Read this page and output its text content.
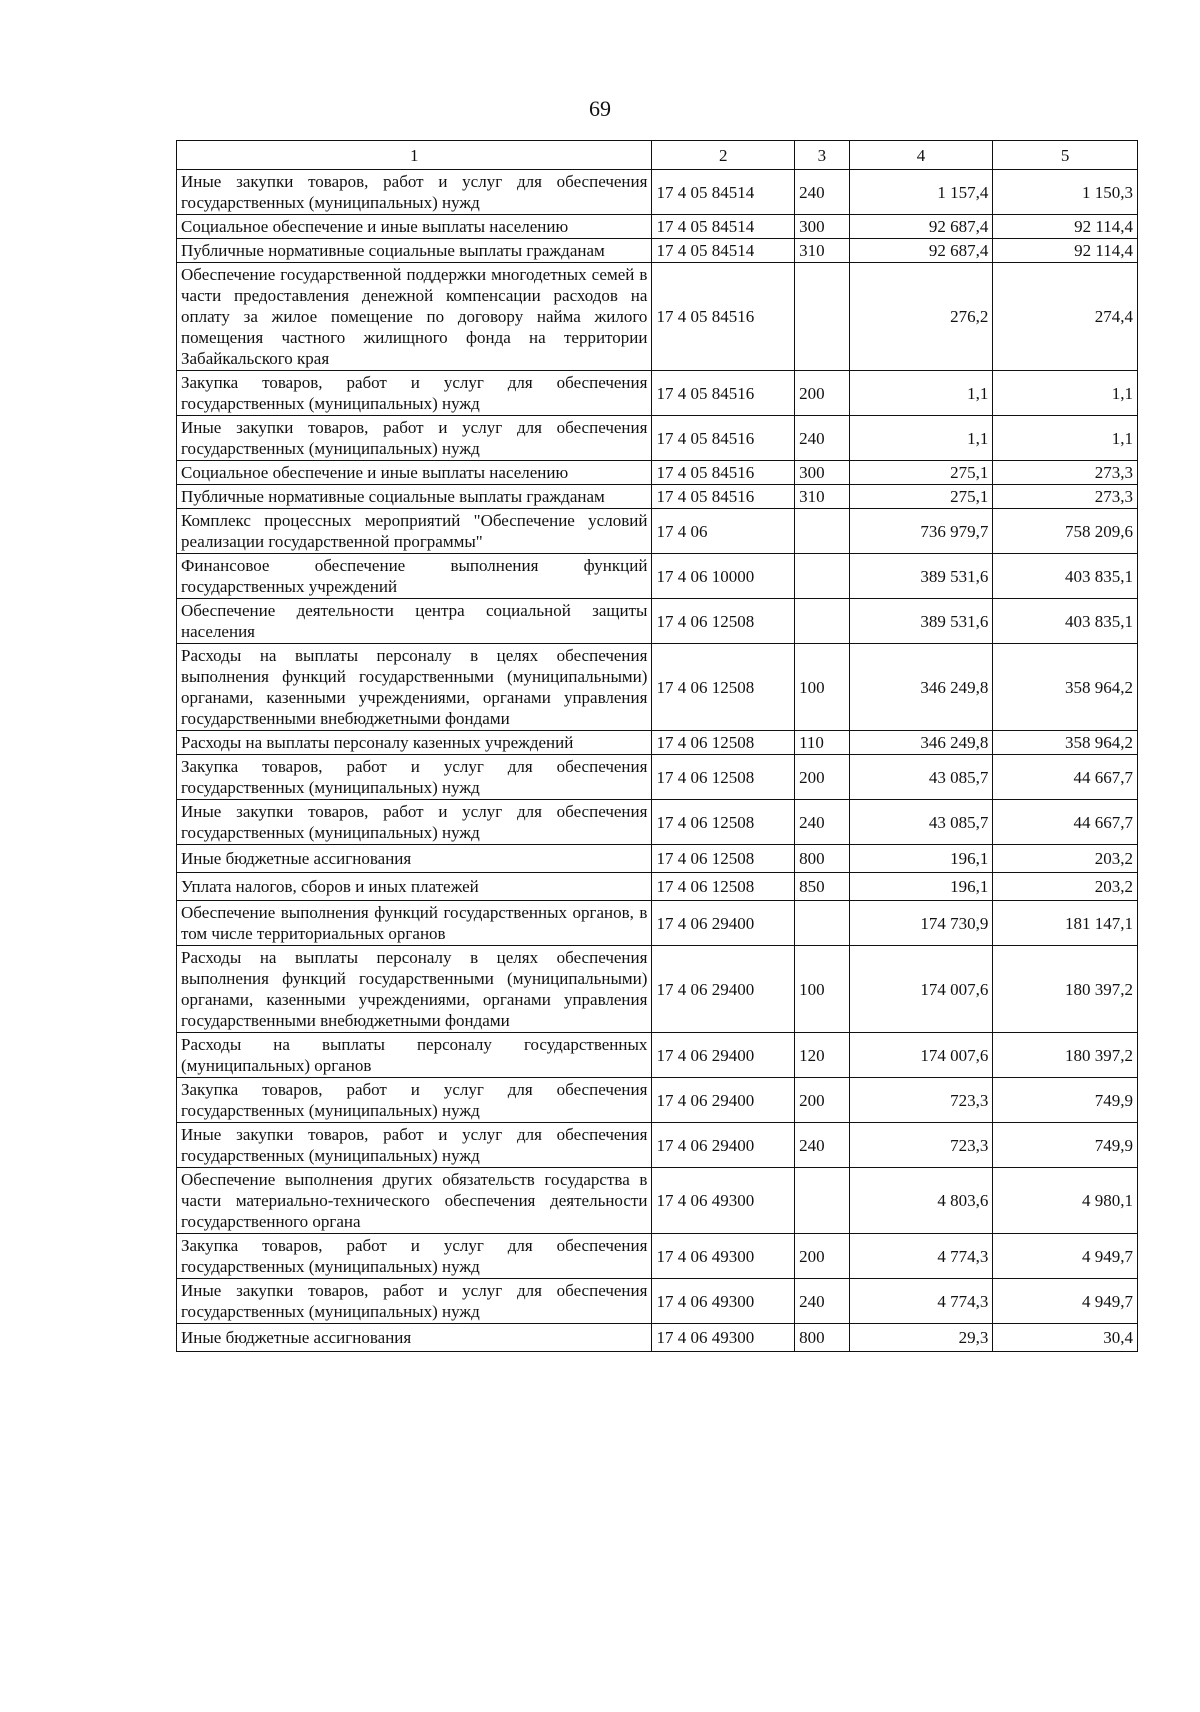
69
1	2	3	4	5
Иные закупки товаров, работ и услуг для обеспечения государственных (муниципальных) нужд	17 4 05 84514	240	1 157,4	1 150,3
Социальное обеспечение и иные выплаты населению	17 4 05 84514	300	92 687,4	92 114,4
Публичные нормативные социальные выплаты гражданам	17 4 05 84514	310	92 687,4	92 114,4
Обеспечение государственной поддержки многодетных семей в части предоставления денежной компенсации расходов на оплату за жилое помещение по договору найма жилого помещения частного жилищного фонда на территории Забайкальского края	17 4 05 84516		276,2	274,4
Закупка товаров, работ и услуг для обеспечения государственных (муниципальных) нужд	17 4 05 84516	200	1,1	1,1
Иные закупки товаров, работ и услуг для обеспечения государственных (муниципальных) нужд	17 4 05 84516	240	1,1	1,1
Социальное обеспечение и иные выплаты населению	17 4 05 84516	300	275,1	273,3
Публичные нормативные социальные выплаты гражданам	17 4 05 84516	310	275,1	273,3
Комплекс процессных мероприятий "Обеспечение условий реализации государственной программы"	17 4 06		736 979,7	758 209,6
Финансовое обеспечение выполнения функций государственных учреждений	17 4 06 10000		389 531,6	403 835,1
Обеспечение деятельности центра социальной защиты населения	17 4 06 12508		389 531,6	403 835,1
Расходы на выплаты персоналу в целях обеспечения выполнения функций государственными (муниципальными) органами, казенными учреждениями, органами управления государственными внебюджетными фондами	17 4 06 12508	100	346 249,8	358 964,2
Расходы на выплаты персоналу казенных учреждений	17 4 06 12508	110	346 249,8	358 964,2
Закупка товаров, работ и услуг для обеспечения государственных (муниципальных) нужд	17 4 06 12508	200	43 085,7	44 667,7
Иные закупки товаров, работ и услуг для обеспечения государственных (муниципальных) нужд	17 4 06 12508	240	43 085,7	44 667,7
Иные бюджетные ассигнования	17 4 06 12508	800	196,1	203,2
Уплата налогов, сборов и иных платежей	17 4 06 12508	850	196,1	203,2
Обеспечение выполнения функций государственных органов, в том числе территориальных органов	17 4 06 29400		174 730,9	181 147,1
Расходы на выплаты персоналу в целях обеспечения выполнения функций государственными (муниципальными) органами, казенными учреждениями, органами управления государственными внебюджетными фондами	17 4 06 29400	100	174 007,6	180 397,2
Расходы на выплаты персоналу государственных (муниципальных) органов	17 4 06 29400	120	174 007,6	180 397,2
Закупка товаров, работ и услуг для обеспечения государственных (муниципальных) нужд	17 4 06 29400	200	723,3	749,9
Иные закупки товаров, работ и услуг для обеспечения государственных (муниципальных) нужд	17 4 06 29400	240	723,3	749,9
Обеспечение выполнения других обязательств государства в части материально-технического обеспечения деятельности государственного органа	17 4 06 49300		4 803,6	4 980,1
Закупка товаров, работ и услуг для обеспечения государственных (муниципальных) нужд	17 4 06 49300	200	4 774,3	4 949,7
Иные закупки товаров, работ и услуг для обеспечения государственных (муниципальных) нужд	17 4 06 49300	240	4 774,3	4 949,7
Иные бюджетные ассигнования	17 4 06 49300	800	29,3	30,4
